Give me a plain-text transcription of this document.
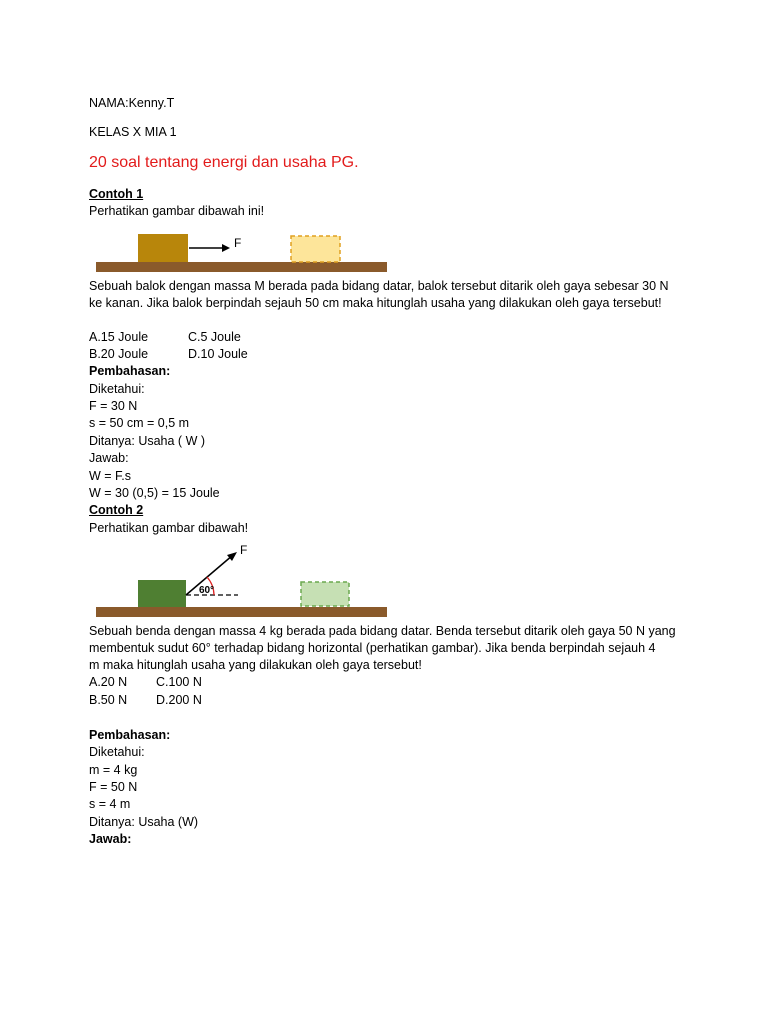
NAMA:Kenny.T
KELAS X MIA 1
20 soal tentang energi dan usaha PG.
Contoh 1
Perhatikan gambar dibawah ini!
F
Sebuah balok dengan massa M berada pada bidang datar, balok tersebut ditarik oleh gaya sebesar 30 N
ke kanan. Jika balok berpindah sejauh 50 cm maka hitunglah usaha yang dilakukan oleh gaya tersebut!
A.15 Joule	C.5 Joule
B.20 Joule	D.10 Joule
Pembahasan:
Diketahui:
F = 30 N
s = 50 cm = 0,5 m
Ditanya: Usaha ( W )
Jawab:
W = F.s
W = 30 (0,5) = 15 Joule
Contoh 2
Perhatikan gambar dibawah!
F
60°
Sebuah benda dengan massa 4 kg berada pada bidang datar. Benda tersebut ditarik oleh gaya 50 N yang
membentuk sudut 60° terhadap bidang horizontal (perhatikan gambar). Jika benda berpindah sejauh 4
m maka hitunglah usaha yang dilakukan oleh gaya tersebut!
A.20 N C.100 N
B.50 N D.200 N
Pembahasan:
Diketahui:
m = 4 kg
F = 50 N
s = 4 m
Ditanya: Usaha (W)
Jawab:
